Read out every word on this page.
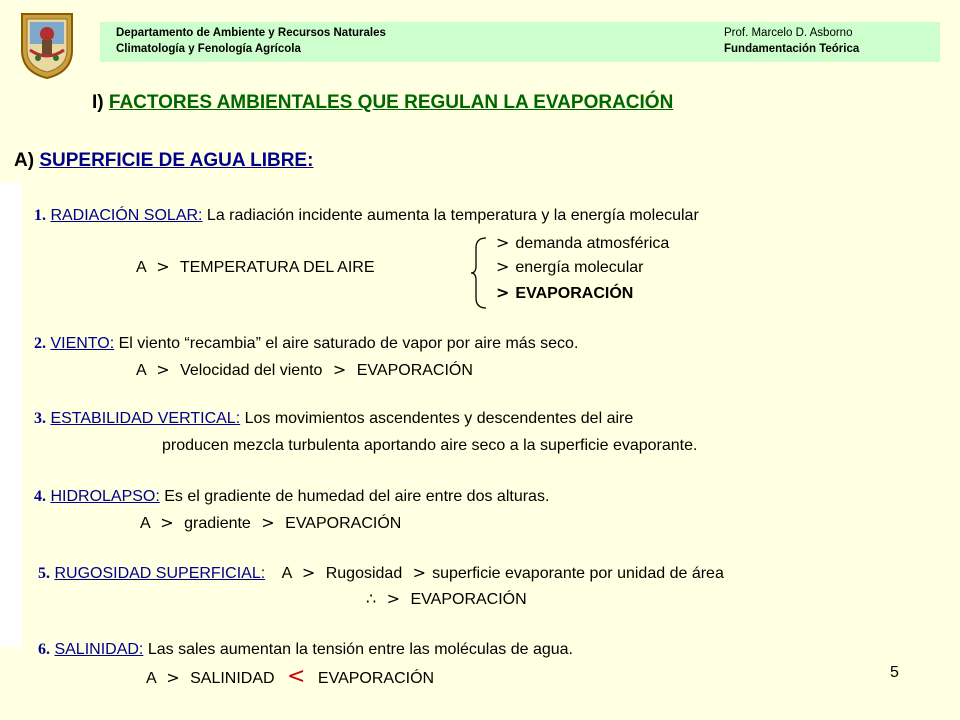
Departamento de Ambiente y Recursos Naturales
Climatología y Fenología Agrícola
Prof. Marcelo D. Asborno
Fundamentación Teórica
I) FACTORES AMBIENTALES QUE REGULAN LA EVAPORACIÓN
A) SUPERFICIE DE AGUA LIBRE:
1. RADIACIÓN SOLAR: La radiación incidente aumenta la temperatura y la energía molecular
> demanda atmosférica
A > TEMPERATURA DEL AIRE	> energía molecular
> EVAPORACIÓN
2. VIENTO: El viento “recambia” el aire saturado de vapor por aire más seco.
A > Velocidad del viento > EVAPORACIÓN
3. ESTABILIDAD VERTICAL: Los movimientos ascendentes y descendentes del aire
producen mezcla turbulenta aportando aire seco a la superficie evaporante.
4. HIDROLAPSO: Es el gradiente de humedad del aire entre dos alturas.
A > gradiente > EVAPORACIÓN
5. RUGOSIDAD SUPERFICIAL: A > Rugosidad > superficie evaporante por unidad de área
∴ > EVAPORACIÓN
6. SALINIDAD: Las sales aumentan la tensión entre las moléculas de agua.
A > SALINIDAD < EVAPORACIÓN	5
